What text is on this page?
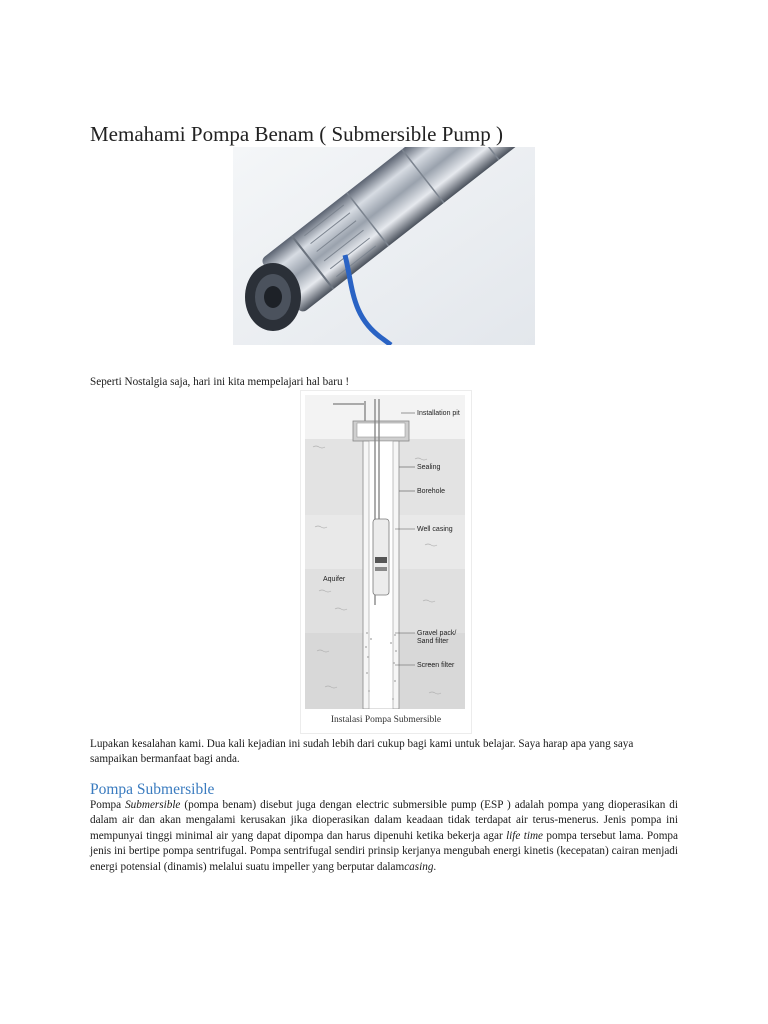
Memahami Pompa Benam ( Submersible Pump )
Seperti Nostalgia saja, hari ini kita mempelajari hal baru !
Installation pit
Sealing
Borehole
Well casing
Aquifer
Gravel pack/
Sand filter
Screen filter
Instalasi Pompa Submersible
Lupakan kesalahan kami. Dua kali kejadian ini sudah lebih dari cukup bagi kami untuk belajar. Saya harap apa yang saya sampaikan bermanfaat bagi anda.
Pompa Submersible
Pompa Submersible (pompa benam) disebut juga dengan electric submersible pump (ESP ) adalah pompa yang dioperasikan di dalam air dan akan mengalami kerusakan jika dioperasikan dalam keadaan tidak terdapat air terus-menerus. Jenis pompa ini mempunyai tinggi minimal air yang dapat dipompa dan harus dipenuhi ketika bekerja agar life time pompa tersebut lama. Pompa jenis ini bertipe pompa sentrifugal. Pompa sentrifugal sendiri prinsip kerjanya mengubah energi kinetis (kecepatan) cairan menjadi energi potensial (dinamis) melalui suatu impeller yang berputar dalamcasing.
